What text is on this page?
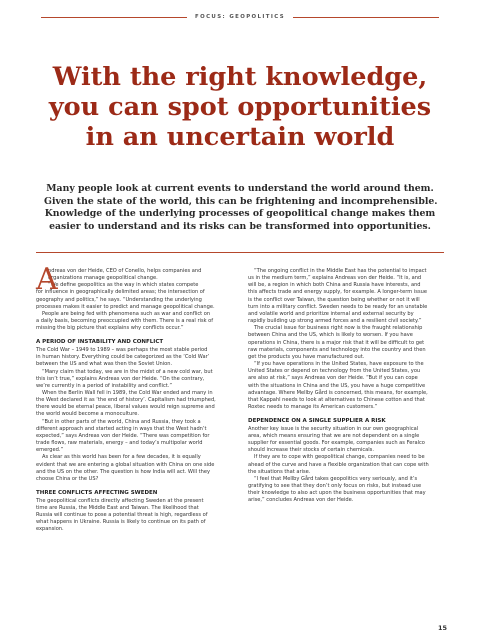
FOCUS: GEOPOLITICS
With the right knowledge,
you can spot opportunities
in an uncertain world
Many people look at current events to understand the world around them.
Given the state of the world, this can be frightening and incomprehensible.
Knowledge of the underlying processes of geopolitical change makes them
easier to understand and its risks can be transformed into opportunities.
A
ndreas von der Heide, CEO of Conello, helps companies and
organizations manage geopolitical change.
“We define geopolitics as the way in which states compete
for influence in geographically delimited areas; the intersection of
geography and politics,” he says. “Understanding the underlying
processes makes it easier to predict and manage geopolitical change.
People are being fed with phenomena such as war and conflict on
a daily basis, becoming preoccupied with them. There is a real risk of
missing the big picture that explains why conflicts occur.”
A PERIOD OF INSTABILITY AND CONFLICT
The Cold War – 1949 to 1989 – was perhaps the most stable period
in human history. Everything could be categorized as the ‘Cold War’
between the US and what was then the Soviet Union.
“Many claim that today, we are in the midst of a new cold war, but
this isn’t true,” explains Andreas von der Heide. “On the contrary,
we’re currently in a period of instability and conflict.”
When the Berlin Wall fell in 1989, the Cold War ended and many in
the West declared it as ‘the end of history’. Capitalism had triumphed,
there would be eternal peace, liberal values would reign supreme and
the world would become a monoculture.
“But in other parts of the world, China and Russia, they took a
different approach and started acting in ways that the West hadn’t
expected,” says Andreas von der Heide. “There was competition for
trade flows, raw materials, energy – and today’s multipolar world
emerged.”
As clear as this world has been for a few decades, it is equally
evident that we are entering a global situation with China on one side
and the US on the other. The question is how India will act. Will they
choose China or the US?
THREE CONFLICTS AFFECTING SWEDEN
The geopolitical conflicts directly affecting Sweden at the present
time are Russia, the Middle East and Taiwan. The likelihood that
Russia will continue to pose a potential threat is high, regardless of
what happens in Ukraine. Russia is likely to continue on its path of
expansion.
“The ongoing conflict in the Middle East has the potential to impact
us in the medium term,” explains Andreas von der Heide. “It is, and
will be, a region in which both China and Russia have interests, and
this affects trade and energy supply, for example. A longer-term issue
is the conflict over Taiwan, the question being whether or not it will
turn into a military conflict. Sweden needs to be ready for an unstable
and volatile world and prioritize internal and external security by
rapidly building up strong armed forces and a resilient civil society.”
The crucial issue for business right now is the fraught relationship
between China and the US, which is likely to worsen. If you have
operations in China, there is a major risk that it will be difficult to get
raw materials, components and technology into the country and then
get the products you have manufactured out.
“If you have operations in the United States, have exposure to the
United States or depend on technology from the United States, you
are also at risk,” says Andreas von der Heide. “But if you can cope
with the situations in China and the US, you have a huge competitive
advantage. Where Mellby Gård is concerned, this means, for example,
that Kappahl needs to look at alternatives to Chinese cotton and that
Roxtec needs to manage its American customers.”
DEPENDENCE ON A SINGLE SUPPLIER A RISK
Another key issue is the security situation in our own geographical
area, which means ensuring that we are not dependent on a single
supplier for essential goods. For example, companies such as Feralco
should increase their stocks of certain chemicals.
If they are to cope with geopolitical change, companies need to be
ahead of the curve and have a flexible organization that can cope with
the situations that arise.
“I feel that Mellby Gård takes geopolitics very seriously, and it’s
gratifying to see that they don’t only focus on risks, but instead use
their knowledge to also act upon the business opportunities that may
arise,” concludes Andreas von der Heide.
15
